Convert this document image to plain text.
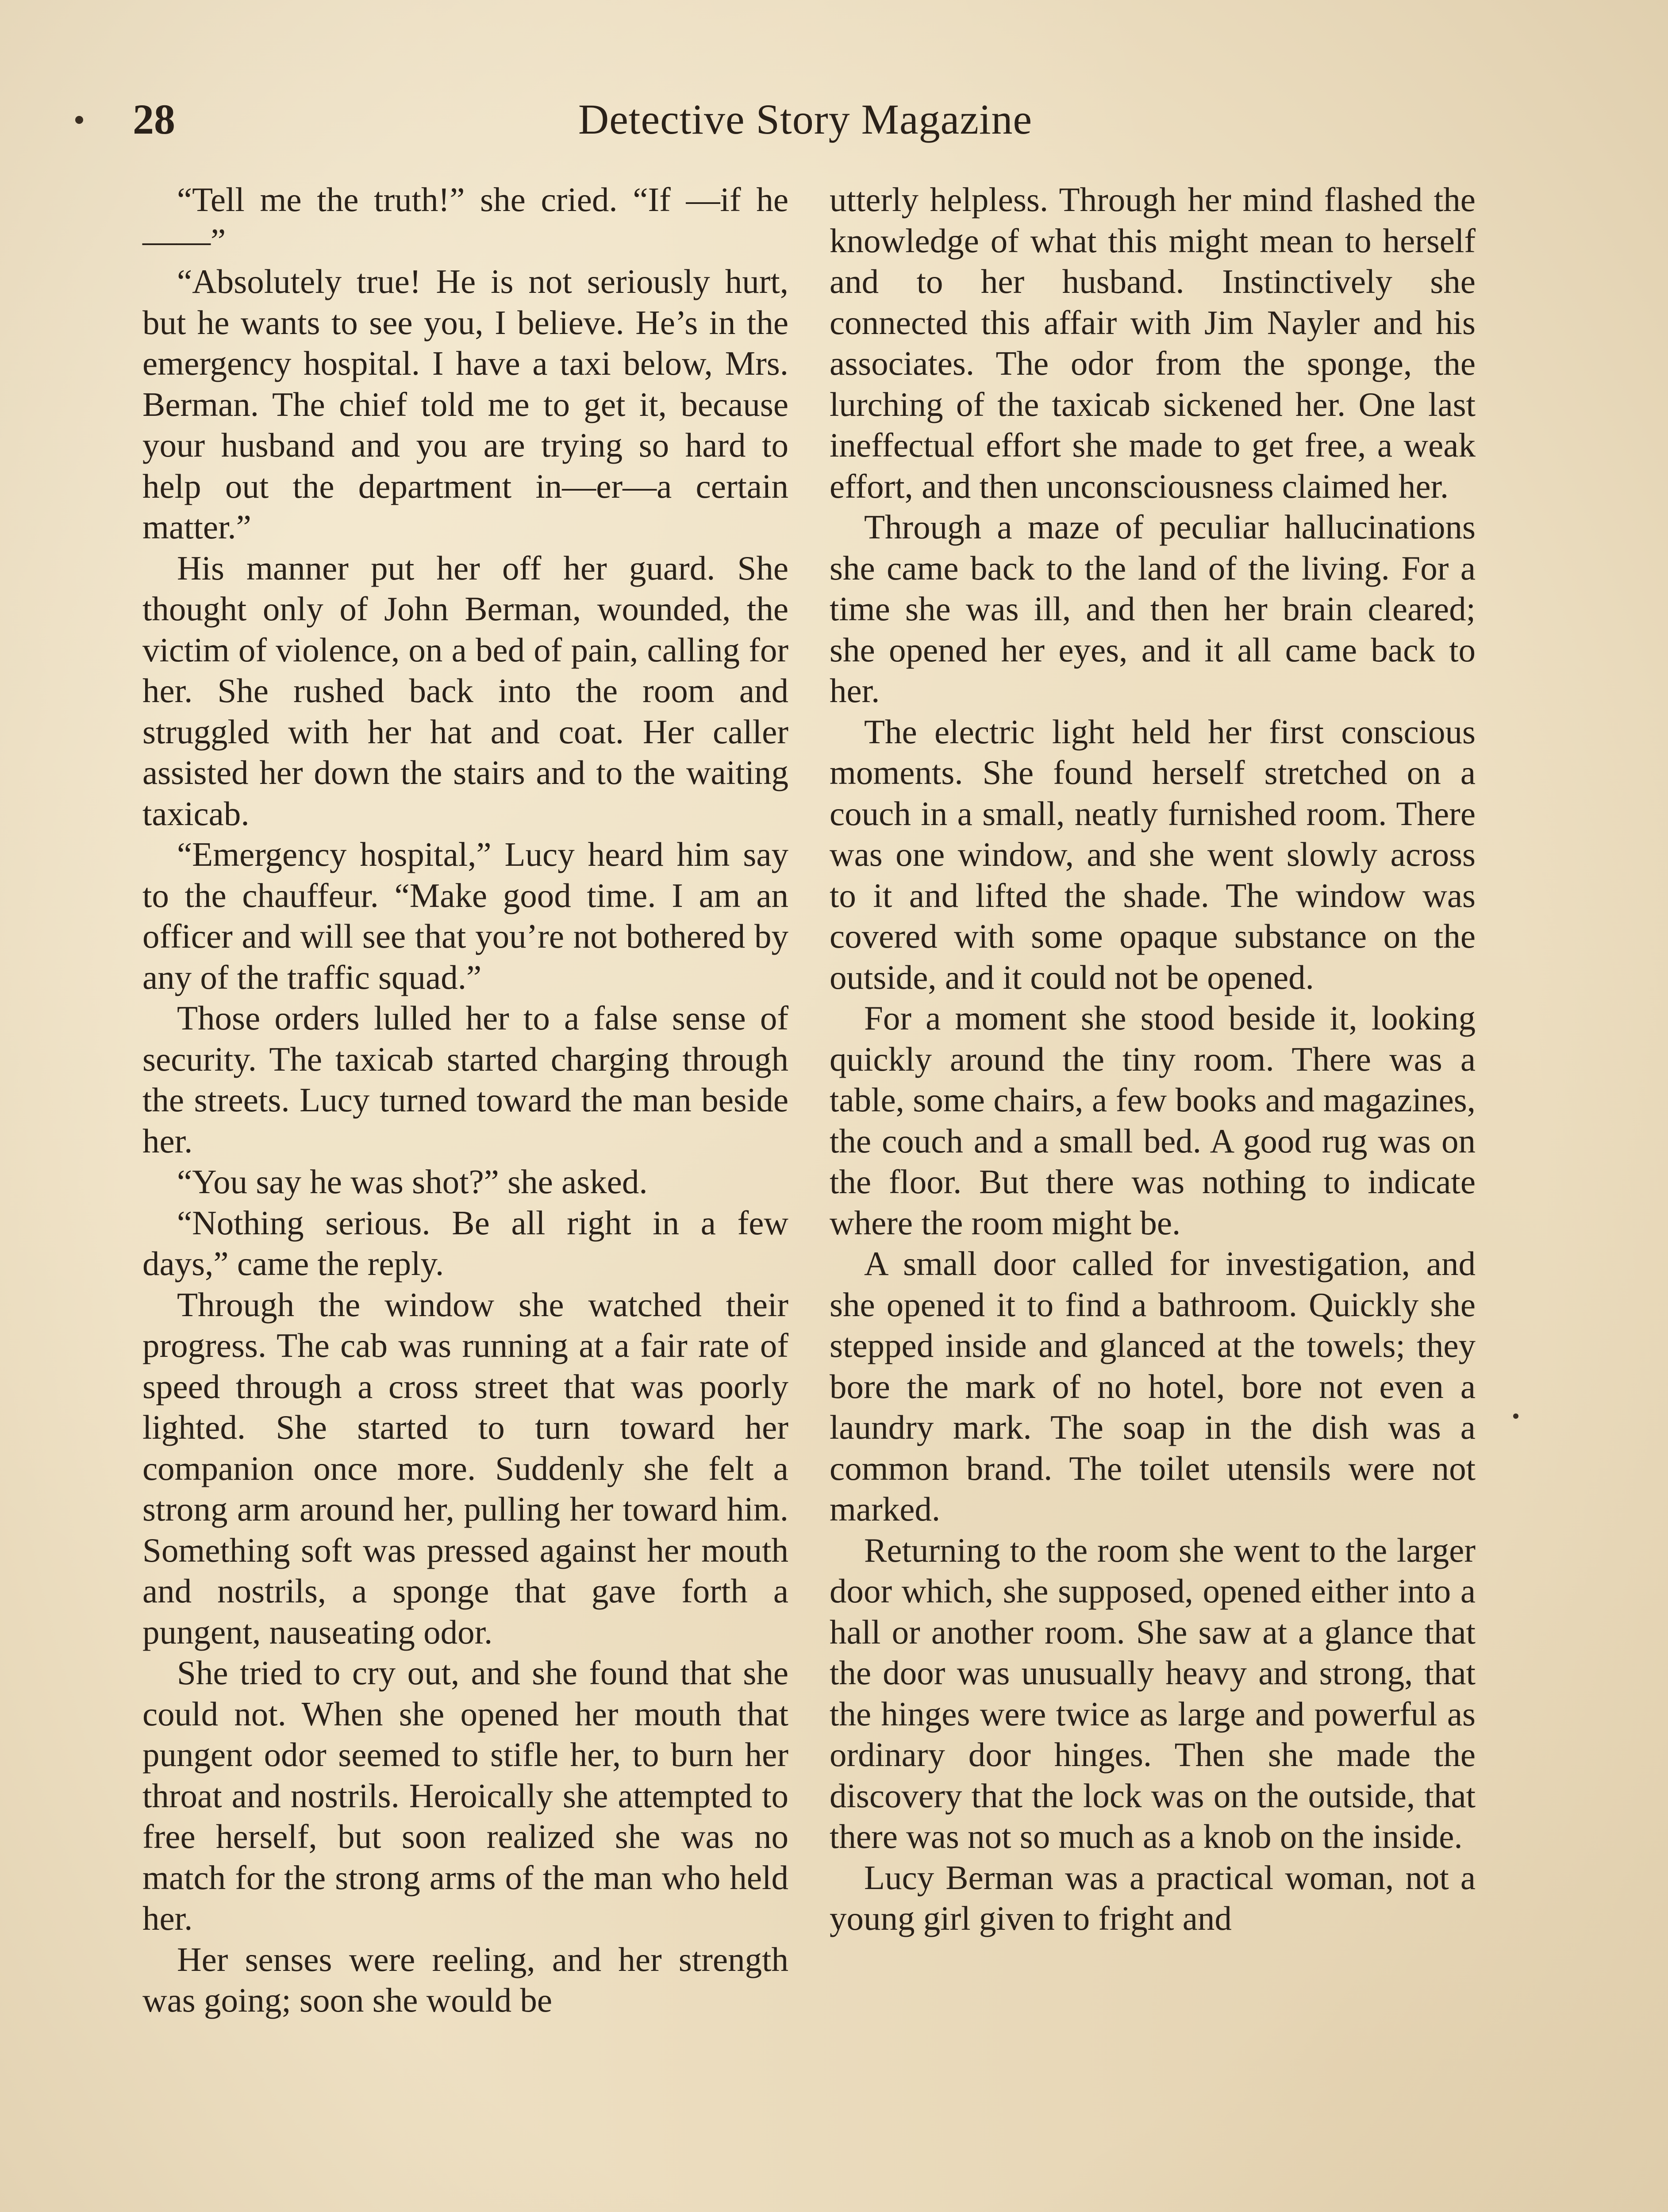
28	Detective Story Magazine

“Tell me the truth!” she cried. “If —if he——”

“Absolutely true! He is not seriously hurt, but he wants to see you, I believe. He’s in the emergency hospital. I have a taxi below, Mrs. Berman. The chief told me to get it, because your husband and you are trying so hard to help out the department in—er—a certain matter.”

His manner put her off her guard. She thought only of John Berman, wounded, the victim of violence, on a bed of pain, calling for her. She rushed back into the room and struggled with her hat and coat. Her caller assisted her down the stairs and to the waiting taxicab.

“Emergency hospital,” Lucy heard him say to the chauffeur. “Make good time. I am an officer and will see that you’re not bothered by any of the traffic squad.”

Those orders lulled her to a false sense of security. The taxicab started charging through the streets. Lucy turned toward the man beside her.

“You say he was shot?” she asked.

“Nothing serious. Be all right in a few days,” came the reply.

Through the window she watched their progress. The cab was running at a fair rate of speed through a cross street that was poorly lighted. She started to turn toward her companion once more. Suddenly she felt a strong arm around her, pulling her toward him. Something soft was pressed against her mouth and nostrils, a sponge that gave forth a pungent, nauseating odor.

She tried to cry out, and she found that she could not. When she opened her mouth that pungent odor seemed to stifle her, to burn her throat and nostrils. Heroically she attempted to free herself, but soon realized she was no match for the strong arms of the man who held her.

Her senses were reeling, and her strength was going; soon she would be

utterly helpless. Through her mind flashed the knowledge of what this might mean to herself and to her husband. Instinctively she connected this affair with Jim Nayler and his associates. The odor from the sponge, the lurching of the taxicab sickened her. One last ineffectual effort she made to get free, a weak effort, and then unconsciousness claimed her.

Through a maze of peculiar hallucinations she came back to the land of the living. For a time she was ill, and then her brain cleared; she opened her eyes, and it all came back to her.

The electric light held her first conscious moments. She found herself stretched on a couch in a small, neatly furnished room. There was one window, and she went slowly across to it and lifted the shade. The window was covered with some opaque substance on the outside, and it could not be opened.

For a moment she stood beside it, looking quickly around the tiny room. There was a table, some chairs, a few books and magazines, the couch and a small bed. A good rug was on the floor. But there was nothing to indicate where the room might be.

A small door called for investigation, and she opened it to find a bathroom. Quickly she stepped inside and glanced at the towels; they bore the mark of no hotel, bore not even a laundry mark. The soap in the dish was a common brand. The toilet utensils were not marked.

Returning to the room she went to the larger door which, she supposed, opened either into a hall or another room. She saw at a glance that the door was unusually heavy and strong, that the hinges were twice as large and powerful as ordinary door hinges. Then she made the discovery that the lock was on the outside, that there was not so much as a knob on the inside.

Lucy Berman was a practical woman, not a young girl given to fright and
